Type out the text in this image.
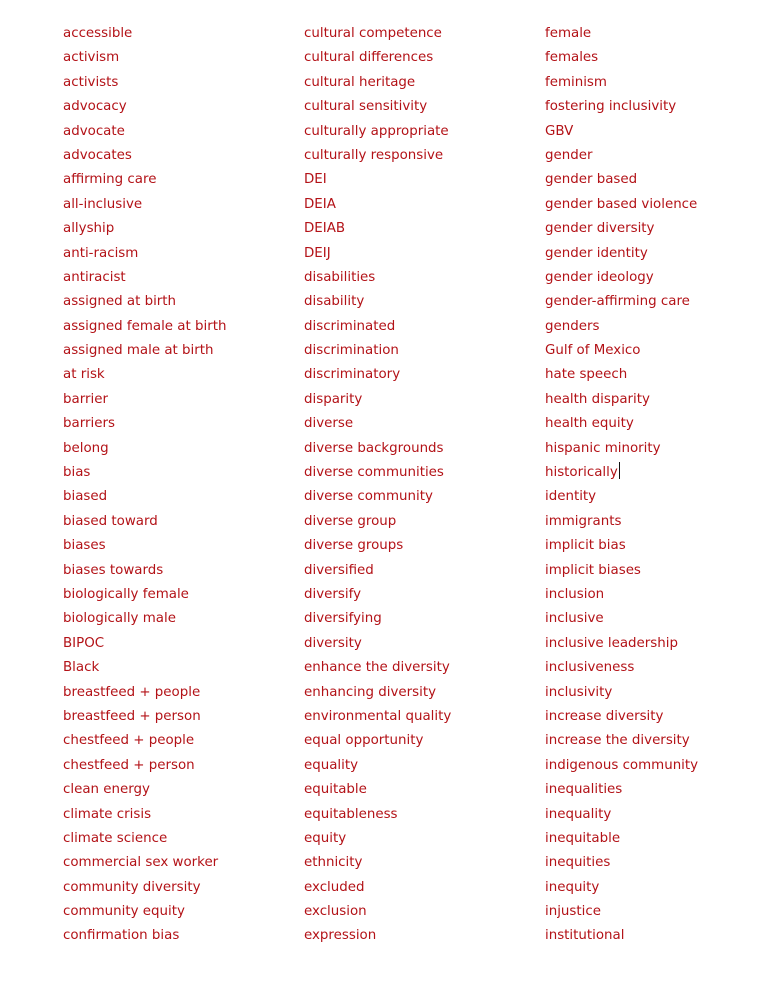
accessible
activism
activists
advocacy
advocate
advocates
affirming care
all-inclusive
allyship
anti-racism
antiracist
assigned at birth
assigned female at birth
assigned male at birth
at risk
barrier
barriers
belong
bias
biased
biased toward
biases
biases towards
biologically female
biologically male
BIPOC
Black
breastfeed + people
breastfeed + person
chestfeed + people
chestfeed + person
clean energy
climate crisis
climate science
commercial sex worker
community diversity
community equity
confirmation bias
cultural competence
cultural differences
cultural heritage
cultural sensitivity
culturally appropriate
culturally responsive
DEI
DEIA
DEIAB
DEIJ
disabilities
disability
discriminated
discrimination
discriminatory
disparity
diverse
diverse backgrounds
diverse communities
diverse community
diverse group
diverse groups
diversified
diversify
diversifying
diversity
enhance the diversity
enhancing diversity
environmental quality
equal opportunity
equality
equitable
equitableness
equity
ethnicity
excluded
exclusion
expression
female
females
feminism
fostering inclusivity
GBV
gender
gender based
gender based violence
gender diversity
gender identity
gender ideology
gender-affirming care
genders
Gulf of Mexico
hate speech
health disparity
health equity
hispanic minority
historically
identity
immigrants
implicit bias
implicit biases
inclusion
inclusive
inclusive leadership
inclusiveness
inclusivity
increase diversity
increase the diversity
indigenous community
inequalities
inequality
inequitable
inequities
inequity
injustice
institutional
